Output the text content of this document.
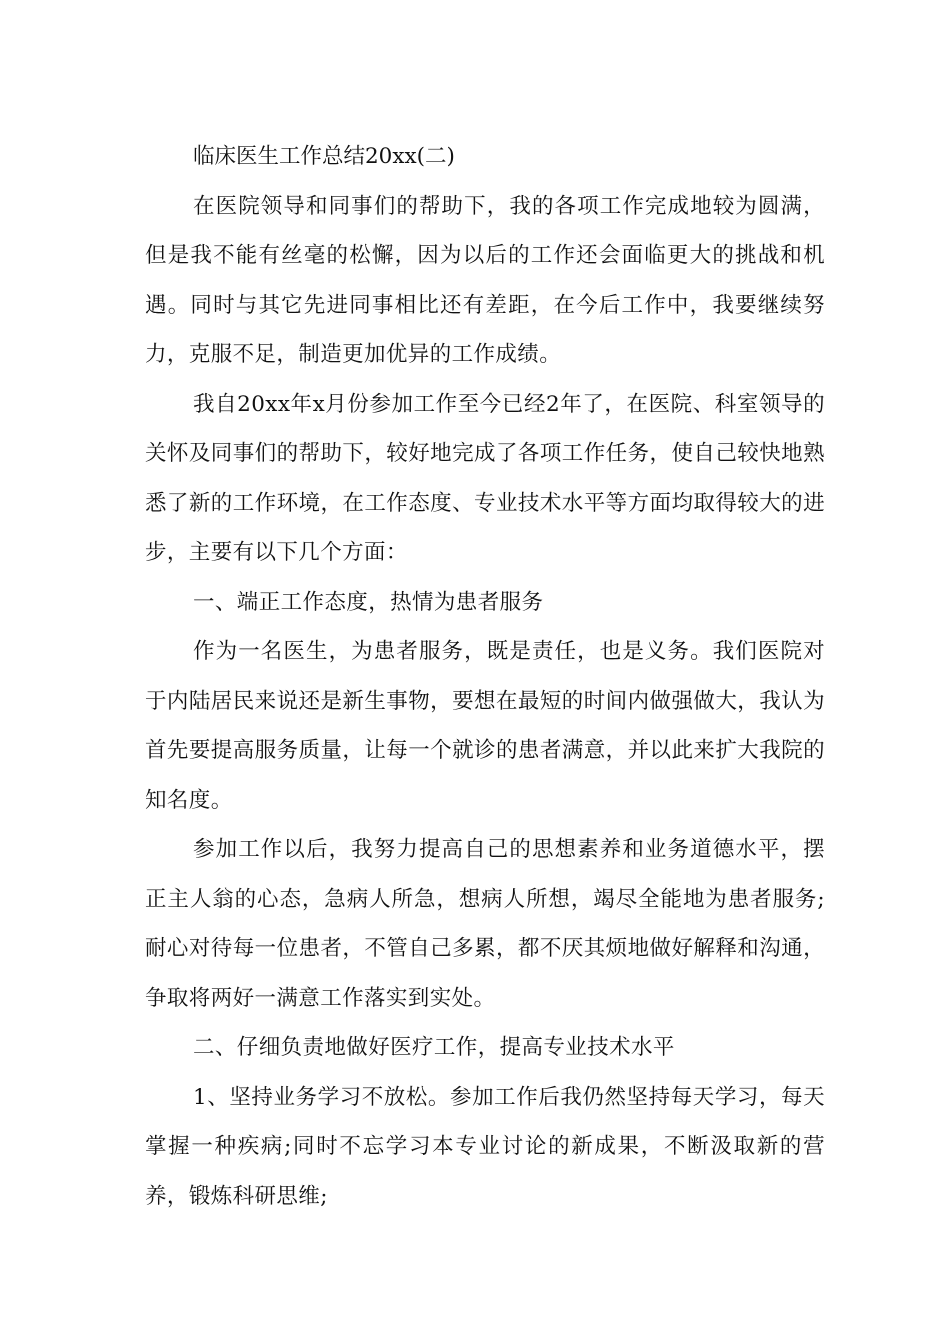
临床医生工作总结20xx(二)

在医院领导和同事们的帮助下，我的各项工作完成地较为圆满，但是我不能有丝毫的松懈，因为以后的工作还会面临更大的挑战和机遇。同时与其它先进同事相比还有差距，在今后工作中，我要继续努力，克服不足，制造更加优异的工作成绩。

我自20xx年x月份参加工作至今已经2年了，在医院、科室领导的关怀及同事们的帮助下，较好地完成了各项工作任务，使自己较快地熟悉了新的工作环境，在工作态度、专业技术水平等方面均取得较大的进步，主要有以下几个方面：

一、端正工作态度，热情为患者服务

作为一名医生，为患者服务，既是责任，也是义务。我们医院对于内陆居民来说还是新生事物，要想在最短的时间内做强做大，我认为首先要提高服务质量，让每一个就诊的患者满意，并以此来扩大我院的知名度。

参加工作以后，我努力提高自己的思想素养和业务道德水平，摆正主人翁的心态，急病人所急，想病人所想，竭尽全能地为患者服务;耐心对待每一位患者，不管自己多累，都不厌其烦地做好解释和沟通，争取将两好一满意工作落实到实处。

二、仔细负责地做好医疗工作，提高专业技术水平

1、坚持业务学习不放松。参加工作后我仍然坚持每天学习，每天掌握一种疾病;同时不忘学习本专业讨论的新成果，不断汲取新的营养，锻炼科研思维;
